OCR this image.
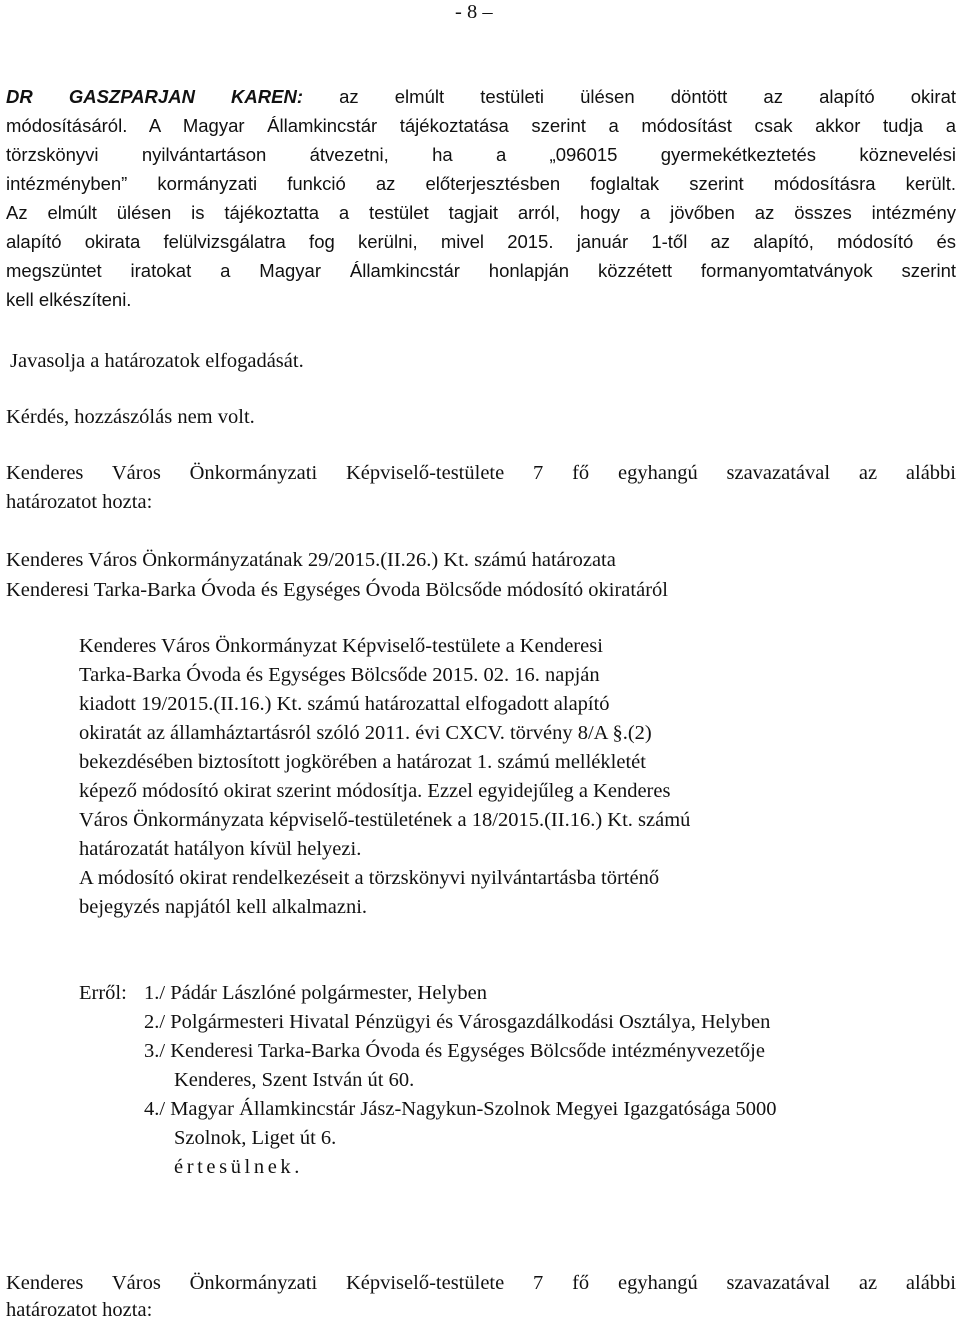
- 8 –
DR GASZPARJAN KAREN: az elmúlt testületi ülésen döntött az alapító okirat
módosításáról. A Magyar Államkincstár tájékoztatása szerint a módosítást csak akkor tudja a
törzskönyvi nyilvántartáson átvezetni, ha a „096015 gyermekétkeztetés köznevelési
intézményben” kormányzati funkció az előterjesztésben foglaltak szerint módosításra került.
Az elmúlt ülésen is tájékoztatta a testület tagjait arról, hogy a jövőben az összes intézmény
alapító okirata felülvizsgálatra fog kerülni, mivel 2015. január 1-től az alapító, módosító és
megszüntet iratokat a Magyar Államkincstár honlapján közzétett formanyomtatványok szerint
kell elkészíteni.
Javasolja a határozatok elfogadását.
Kérdés, hozzászólás nem volt.
Kenderes Város Önkormányzati Képviselő-testülete 7 fő egyhangú szavazatával az alábbi
határozatot hozta:
Kenderes Város Önkormányzatának 29/2015.(II.26.) Kt. számú határozata
Kenderesi Tarka-Barka Óvoda és Egységes Óvoda Bölcsőde módosító okiratáról
Kenderes Város Önkormányzat Képviselő-testülete a Kenderesi
Tarka-Barka Óvoda és Egységes Bölcsőde 2015. 02. 16. napján
kiadott 19/2015.(II.16.) Kt. számú határozattal elfogadott alapító
okiratát az államháztartásról szóló 2011. évi CXCV. törvény 8/A §.(2)
bekezdésében biztosított jogkörében a határozat 1. számú mellékletét
képező módosító okirat szerint módosítja. Ezzel egyidejűleg a Kenderes
Város Önkormányzata képviselő-testületének a 18/2015.(II.16.) Kt. számú
határozatát hatályon kívül helyezi.
A módosító okirat rendelkezéseit a törzskönyvi nyilvántartásba történő
bejegyzés napjától kell alkalmazni.
Erről: 1./ Pádár Lászlóné polgármester, Helyben
2./ Polgármesteri Hivatal Pénzügyi és Városgazdálkodási Osztálya, Helyben
3./ Kenderesi Tarka-Barka Óvoda és Egységes Bölcsőde intézményvezetője
Kenderes, Szent István út 60.
4./ Magyar Államkincstár Jász-Nagykun-Szolnok Megyei Igazgatósága 5000
Szolnok, Liget út 6.
értesülnek.
Kenderes Város Önkormányzati Képviselő-testülete 7 fő egyhangú szavazatával az alábbi
határozatot hozta:
